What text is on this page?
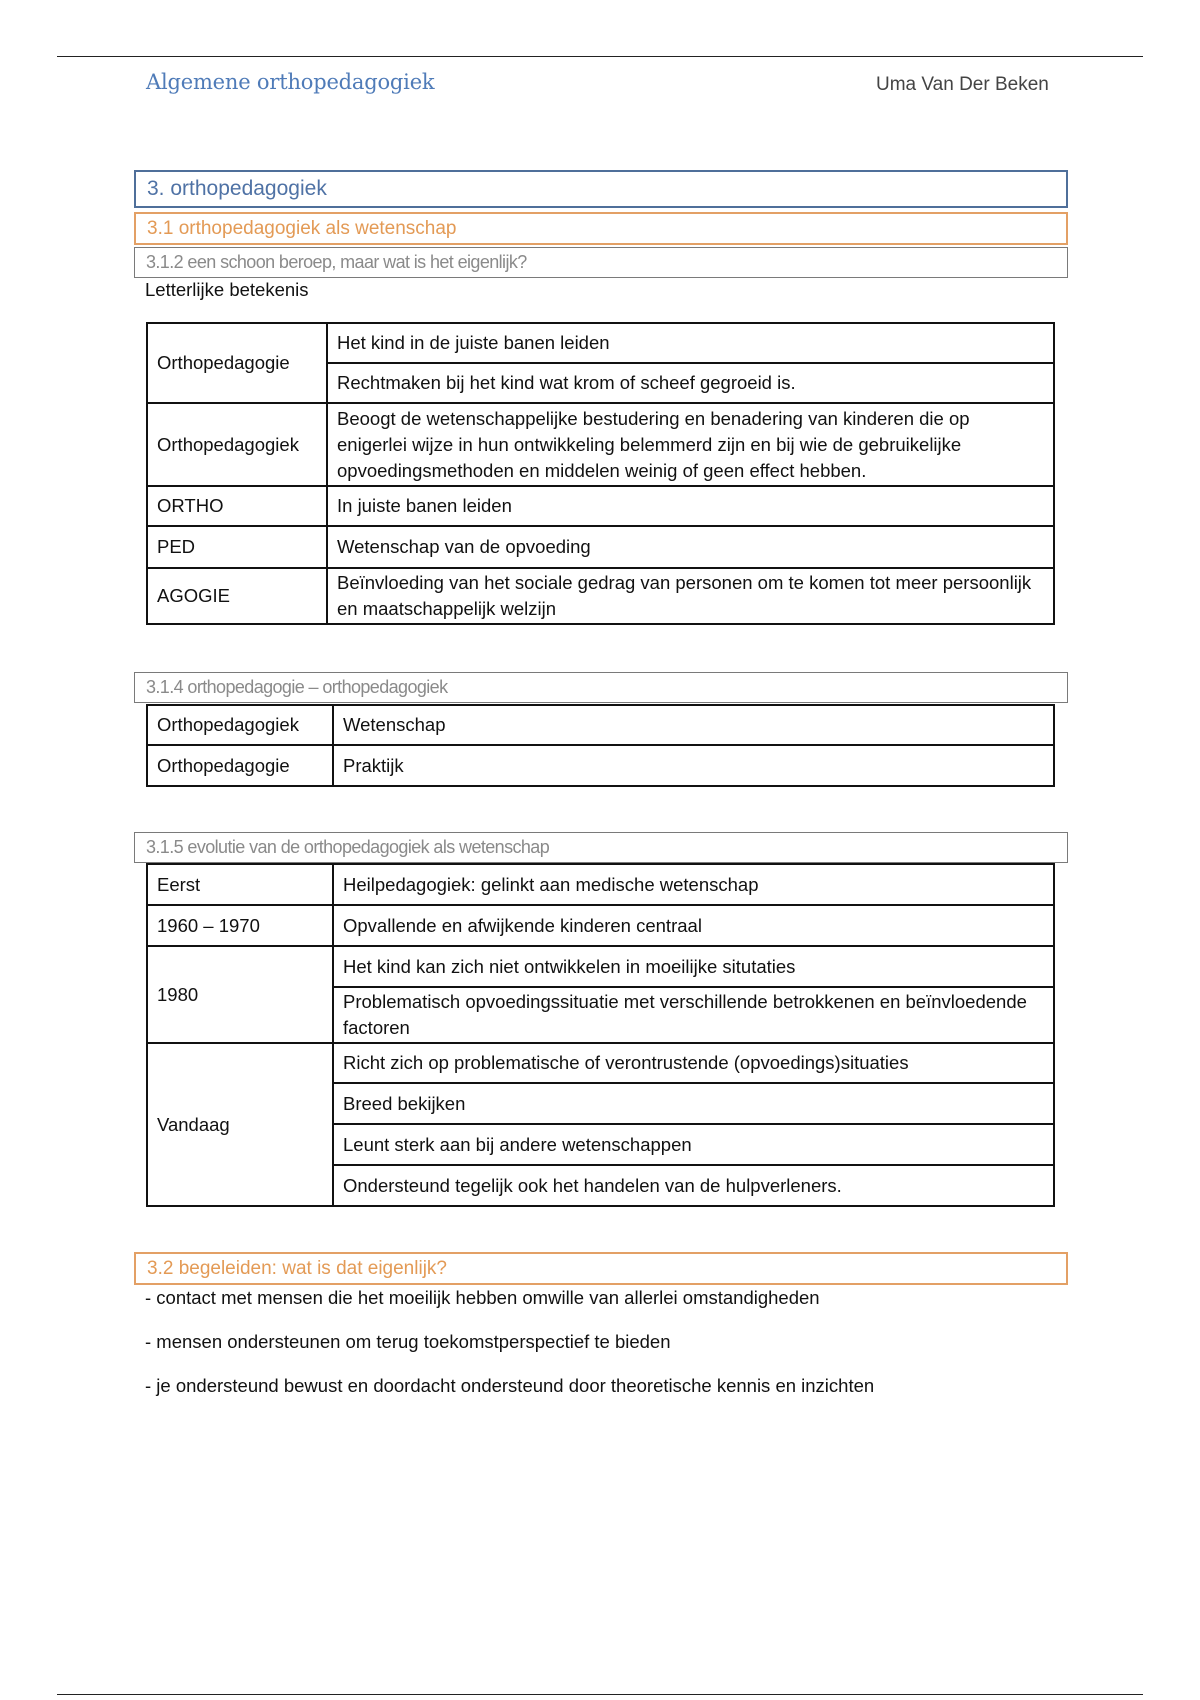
Algemene orthopedagogiek	Uma Van Der Beken
3. orthopedagogiek
3.1 orthopedagogiek als wetenschap
3.1.2 een schoon beroep, maar wat is het eigenlijk?
Letterlijke betekenis
Orthopedagogie	Het kind in de juiste banen leiden
	Rechtmaken bij het kind wat krom of scheef gegroeid is.
Orthopedagogiek	Beoogt de wetenschappelijke bestudering en benadering van kinderen die op enigerlei wijze in hun ontwikkeling belemmerd zijn en bij wie de gebruikelijke opvoedingsmethoden en middelen weinig of geen effect hebben.
ORTHO	In juiste banen leiden
PED	Wetenschap van de opvoeding
AGOGIE	Beïnvloeding van het sociale gedrag van personen om te komen tot meer persoonlijk en maatschappelijk welzijn
3.1.4 orthopedagogie – orthopedagogiek
Orthopedagogiek	Wetenschap
Orthopedagogie	Praktijk
3.1.5 evolutie van de orthopedagogiek als wetenschap
Eerst	Heilpedagogiek: gelinkt aan medische wetenschap
1960 – 1970	Opvallende en afwijkende kinderen centraal
1980	Het kind kan zich niet ontwikkelen in moeilijke situtaties
	Problematisch opvoedingssituatie met verschillende betrokkenen en beïnvloedende factoren
Vandaag	Richt zich op problematische of verontrustende (opvoedings)situaties
	Breed bekijken
	Leunt sterk aan bij andere wetenschappen
	Ondersteund tegelijk ook het handelen van de hulpverleners.
3.2 begeleiden: wat is dat eigenlijk?
- contact met mensen die het moeilijk hebben omwille van allerlei omstandigheden
- mensen ondersteunen om terug toekomstperspectief te bieden
- je ondersteund bewust en doordacht ondersteund door theoretische kennis en inzichten
